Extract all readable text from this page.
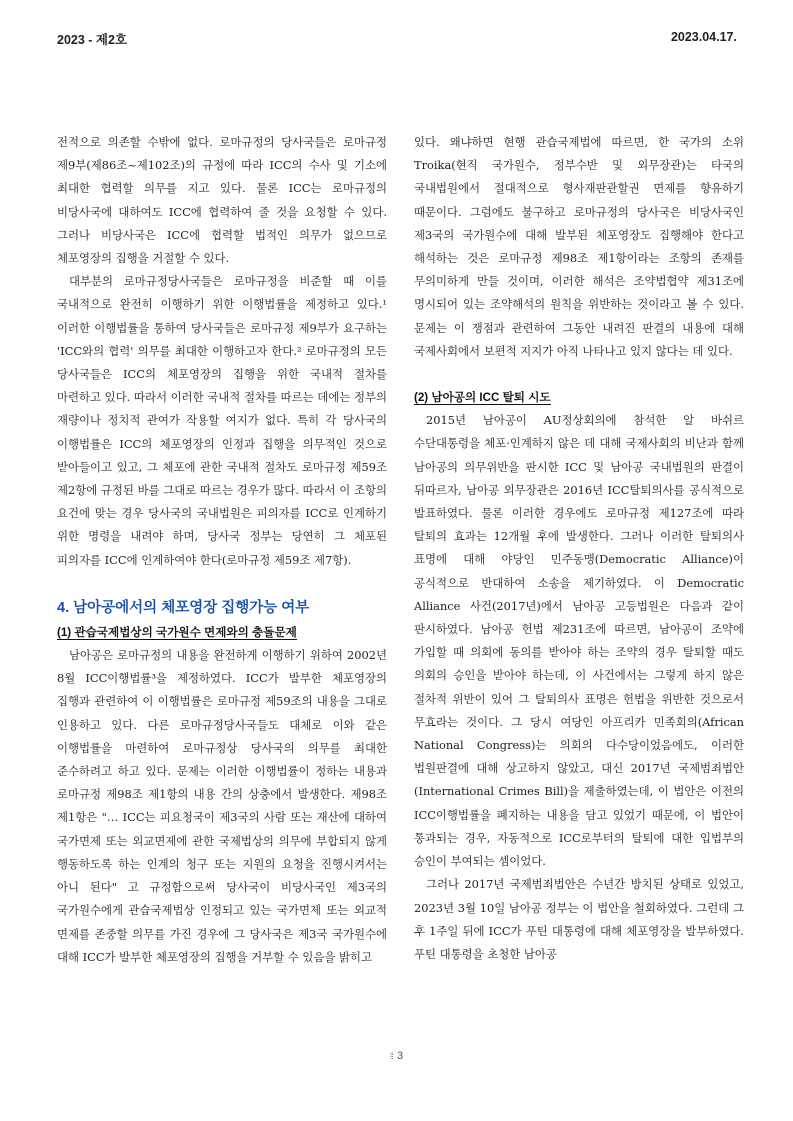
2023 - 제2호	2023.04.17.

전적으로 의존할 수밖에 없다. 로마규정의 당사국들은 로마규정 제9부(제86조~제102조)의 규정에 따라 ICC의 수사 및 기소에 최대한 협력할 의무를 지고 있다. 물론 ICC는 로마규정의 비당사국에 대하여도 ICC에 협력하여 줄 것을 요청할 수 있다. 그러나 비당사국은 ICC에 협력할 법적인 의무가 없으므로 체포영장의 집행을 거절할 수 있다.

대부분의 로마규정당사국들은 로마규정을 비준할 때 이를 국내적으로 완전히 이행하기 위한 이행법률을 제정하고 있다.¹ 이러한 이행법률을 통하여 당사국들은 로마규정 제9부가 요구하는 'ICC와의 협력' 의무를 최대한 이행하고자 한다.² 로마규정의 모든 당사국들은 ICC의 체포영장의 집행을 위한 국내적 절차를 마련하고 있다. 따라서 이러한 국내적 절차를 따르는 데에는 정부의 재량이나 정치적 관여가 작용할 여지가 없다. 특히 각 당사국의 이행법률은 ICC의 체포영장의 인정과 집행을 의무적인 것으로 받아들이고 있고, 그 체포에 관한 국내적 절차도 로마규정 제59조 제2항에 규정된 바를 그대로 따르는 경우가 많다. 따라서 이 조항의 요건에 맞는 경우 당사국의 국내법원은 피의자를 ICC로 인계하기 위한 명령을 내려야 하며, 당사국 정부는 당연히 그 체포된 피의자를 ICC에 인계하여야 한다(로마규정 제59조 제7항).

4. 남아공에서의 체포영장 집행가능 여부
(1) 관습국제법상의 국가원수 면제와의 충돌문제

남아공은 로마규정의 내용을 완전하게 이행하기 위하여 2002년 8월 ICC이행법률³을 제정하였다. ICC가 발부한 체포영장의 집행과 관련하여 이 이행법률은 로마규정 제59조의 내용을 그대로 인용하고 있다. 다른 로마규정당사국들도 대체로 이와 같은 이행법률을 마련하여 로마규정상 당사국의 의무를 최대한 준수하려고 하고 있다. 문제는 이러한 이행법률이 정하는 내용과 로마규정 제98조 제1항의 내용 간의 상충에서 발생한다. 제98조 제1항은 "… ICC는 피요청국이 제3국의 사람 또는 재산에 대하여 국가면제 또는 외교면제에 관한 국제법상의 의무에 부합되지 않게 행동하도록 하는 인계의 청구 또는 지원의 요청을 진행시켜서는 아니 된다" 고 규정함으로써 당사국이 비당사국인 제3국의 국가원수에게 관습국제법상 인정되고 있는 국가면제 또는 외교적 면제를 존중할 의무를 가진 경우에 그 당사국은 제3국 국가원수에 대해 ICC가 발부한 체포영장의 집행을 거부할 수 있음을 밝히고

있다. 왜냐하면 현행 관습국제법에 따르면, 한 국가의 소위 Troika(현직 국가원수, 정부수반 및 외무장관)는 타국의 국내법원에서 절대적으로 형사재판관할권 면제를 향유하기 때문이다. 그럼에도 불구하고 로마규정의 당사국은 비당사국인 제3국의 국가원수에 대해 발부된 체포영장도 집행해야 한다고 해석하는 것은 로마규정 제98조 제1항이라는 조항의 존재를 무의미하게 만들 것이며, 이러한 해석은 조약법협약 제31조에 명시되어 있는 조약해석의 원칙을 위반하는 것이라고 볼 수 있다. 문제는 이 쟁점과 관련하여 그동안 내려진 판결의 내용에 대해 국제사회에서 보편적 지지가 아직 나타나고 있지 않다는 데 있다.

(2) 남아공의 ICC 탈퇴 시도

2015년 남아공이 AU정상회의에 참석한 알 바쉬르 수단대통령을 체포·인계하지 않은 데 대해 국제사회의 비난과 함께 남아공의 의무위반을 판시한 ICC 및 남아공 국내법원의 판결이 뒤따르자, 남아공 외무장관은 2016년 ICC탈퇴의사를 공식적으로 발표하였다. 물론 이러한 경우에도 로마규정 제127조에 따라 탈퇴의 효과는 12개월 후에 발생한다. 그러나 이러한 탈퇴의사 표명에 대해 야당인 민주동맹(Democratic Alliance)이 공식적으로 반대하여 소송을 제기하였다. 이 Democratic Alliance 사건(2017년)에서 남아공 고등법원은 다음과 같이 판시하였다. 남아공 헌법 제231조에 따르면, 남아공이 조약에 가입할 때 의회에 동의를 받아야 하는 조약의 경우 탈퇴할 때도 의회의 승인을 받아야 하는데, 이 사건에서는 그렇게 하지 않은 절차적 위반이 있어 그 탈퇴의사 표명은 헌법을 위반한 것으로서 무효라는 것이다. 그 당시 여당인 아프리카 민족회의(African National Congress)는 의회의 다수당이었음에도, 이러한 법원판결에 대해 상고하지 않았고, 대신 2017년 국제범죄법안(International Crimes Bill)을 제출하였는데, 이 법안은 이전의 ICC이행법률을 폐지하는 내용을 담고 있었기 때문에, 이 법안이 통과되는 경우, 자동적으로 ICC로부터의 탈퇴에 대한 입법부의 승인이 부여되는 셈이었다.

그러나 2017년 국제범죄법안은 수년간 방치된 상태로 있었고, 2023년 3월 10일 남아공 정부는 이 법안을 철회하였다. 그런데 그 후 1주일 뒤에 ICC가 푸틴 대통령에 대해 체포영장을 발부하였다. 푸틴 대통령을 초청한 남아공

⁞⁞ 3
